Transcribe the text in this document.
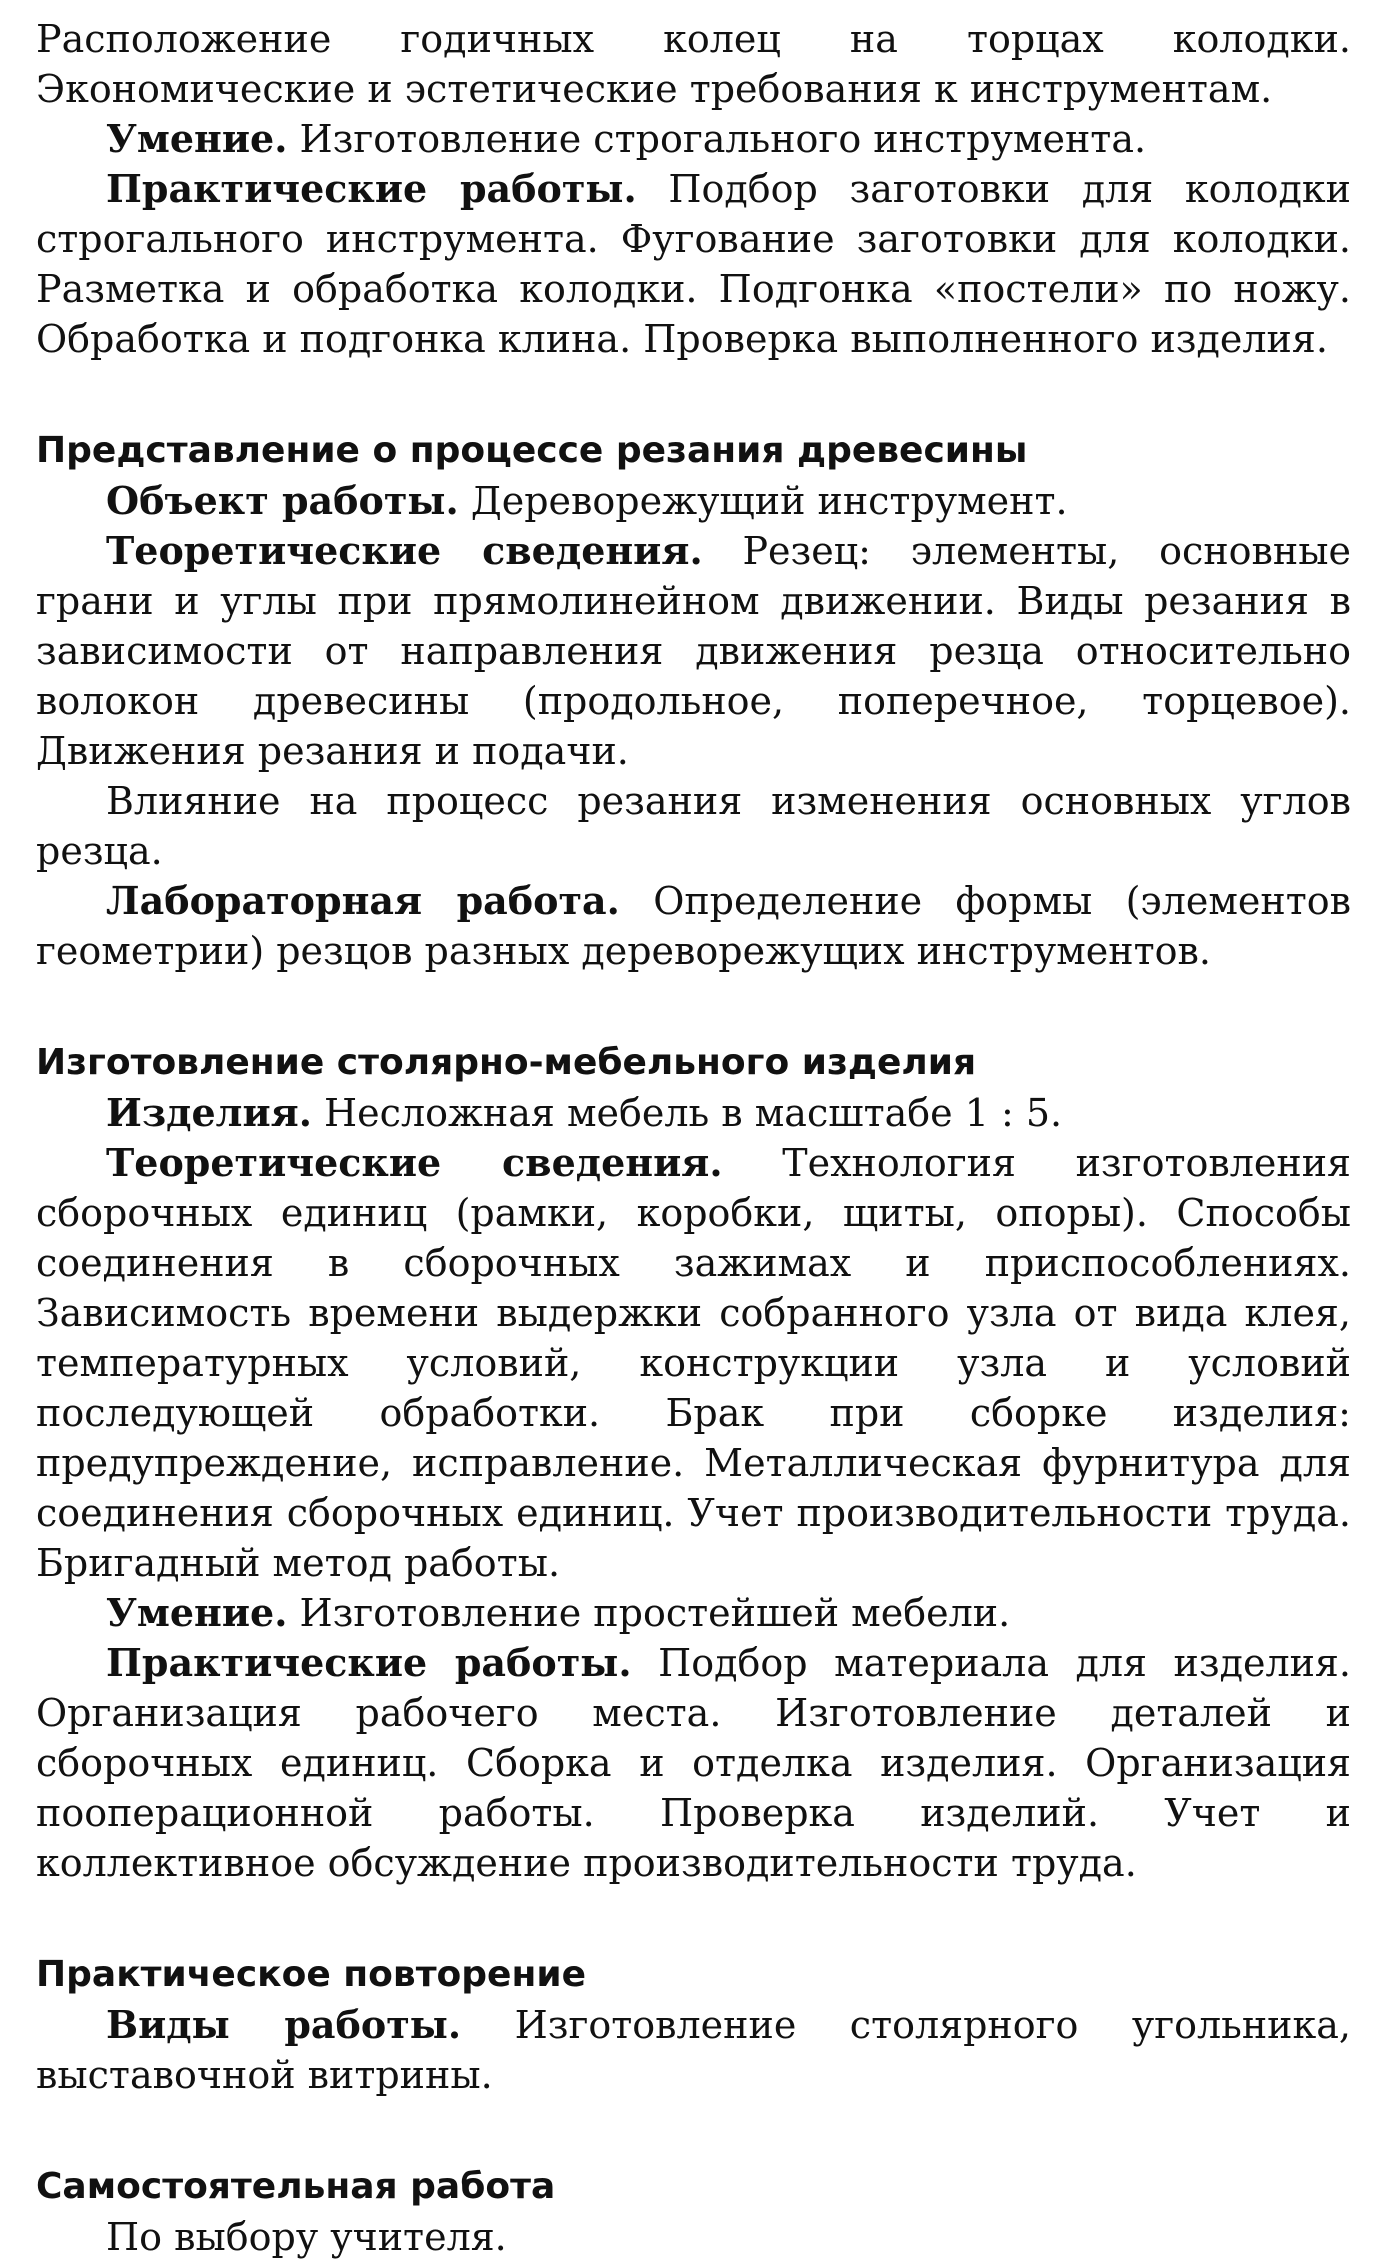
Расположение годичных колец на торцах колодки. Экономические и эстетические требования к инструментам.

Умение. Изготовление строгального инструмента.

Практические работы. Подбор заготовки для колодки строгального инструмента. Фугование заготовки для колодки. Разметка и обработка колодки. Подгонка «постели» по ножу. Обработка и подгонка клина. Проверка выполненного изделия.

Представление о процессе резания древесины

Объект работы. Дереворежущий инструмент.

Теоретические сведения. Резец: элементы, основные грани и углы при прямолинейном движении. Виды резания в зависимости от направления движения резца относительно волокон древесины (продольное, поперечное, торцевое). Движения резания и подачи.

Влияние на процесс резания изменения основных углов резца.

Лабораторная работа. Определение формы (элементов геометрии) резцов разных дереворежущих инструментов.

Изготовление столярно-мебельного изделия

Изделия. Несложная мебель в масштабе 1 : 5.

Теоретические сведения. Технология изготовления сборочных единиц (рамки, коробки, щиты, опоры). Способы соединения в сборочных зажимах и приспособлениях. Зависимость времени выдержки собранного узла от вида клея, температурных условий, конструкции узла и условий последующей обработки. Брак при сборке изделия: предупреждение, исправление. Металлическая фурнитура для соединения сборочных единиц. Учет производительности труда. Бригадный метод работы.

Умение. Изготовление простейшей мебели.

Практические работы. Подбор материала для изделия. Организация рабочего места. Изготовление деталей и сборочных единиц. Сборка и отделка изделия. Организация пооперационной работы. Проверка изделий. Учет и коллективное обсуждение производительности труда.

Практическое повторение

Виды работы. Изготовление столярного угольника, выставочной витрины.

Самостоятельная работа

По выбору учителя.
